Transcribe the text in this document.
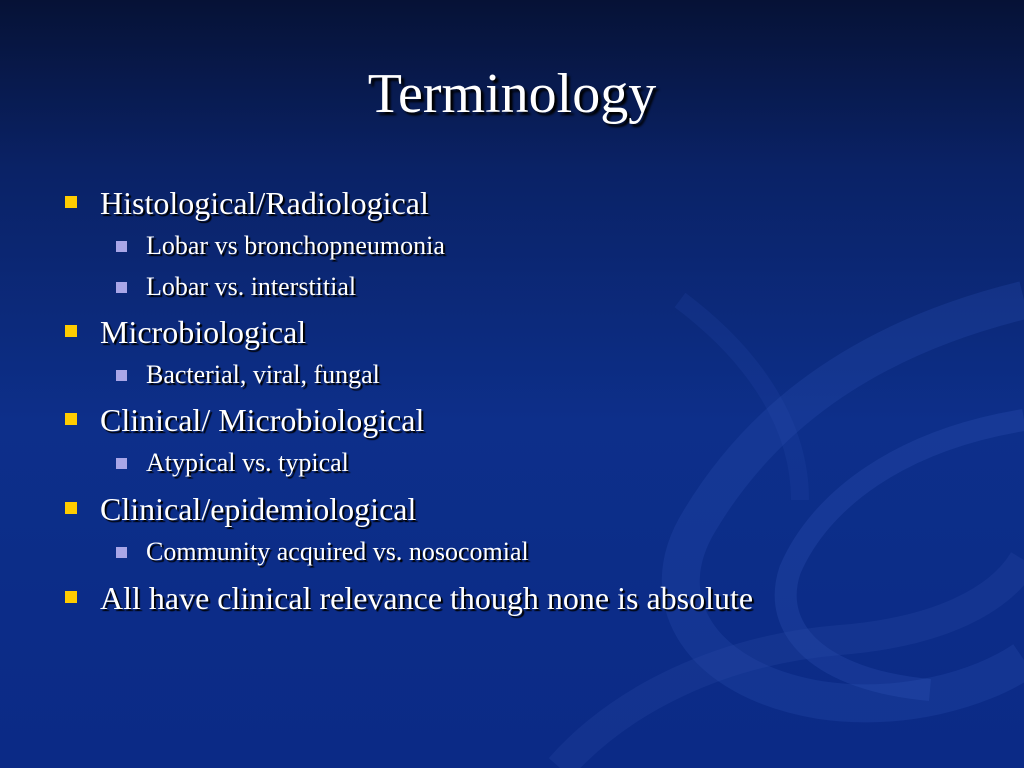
Terminology
Histological/Radiological
Lobar vs bronchopneumonia
Lobar vs. interstitial
Microbiological
Bacterial, viral, fungal
Clinical/ Microbiological
Atypical vs. typical
Clinical/epidemiological
Community acquired vs. nosocomial
All have clinical relevance though none is absolute
